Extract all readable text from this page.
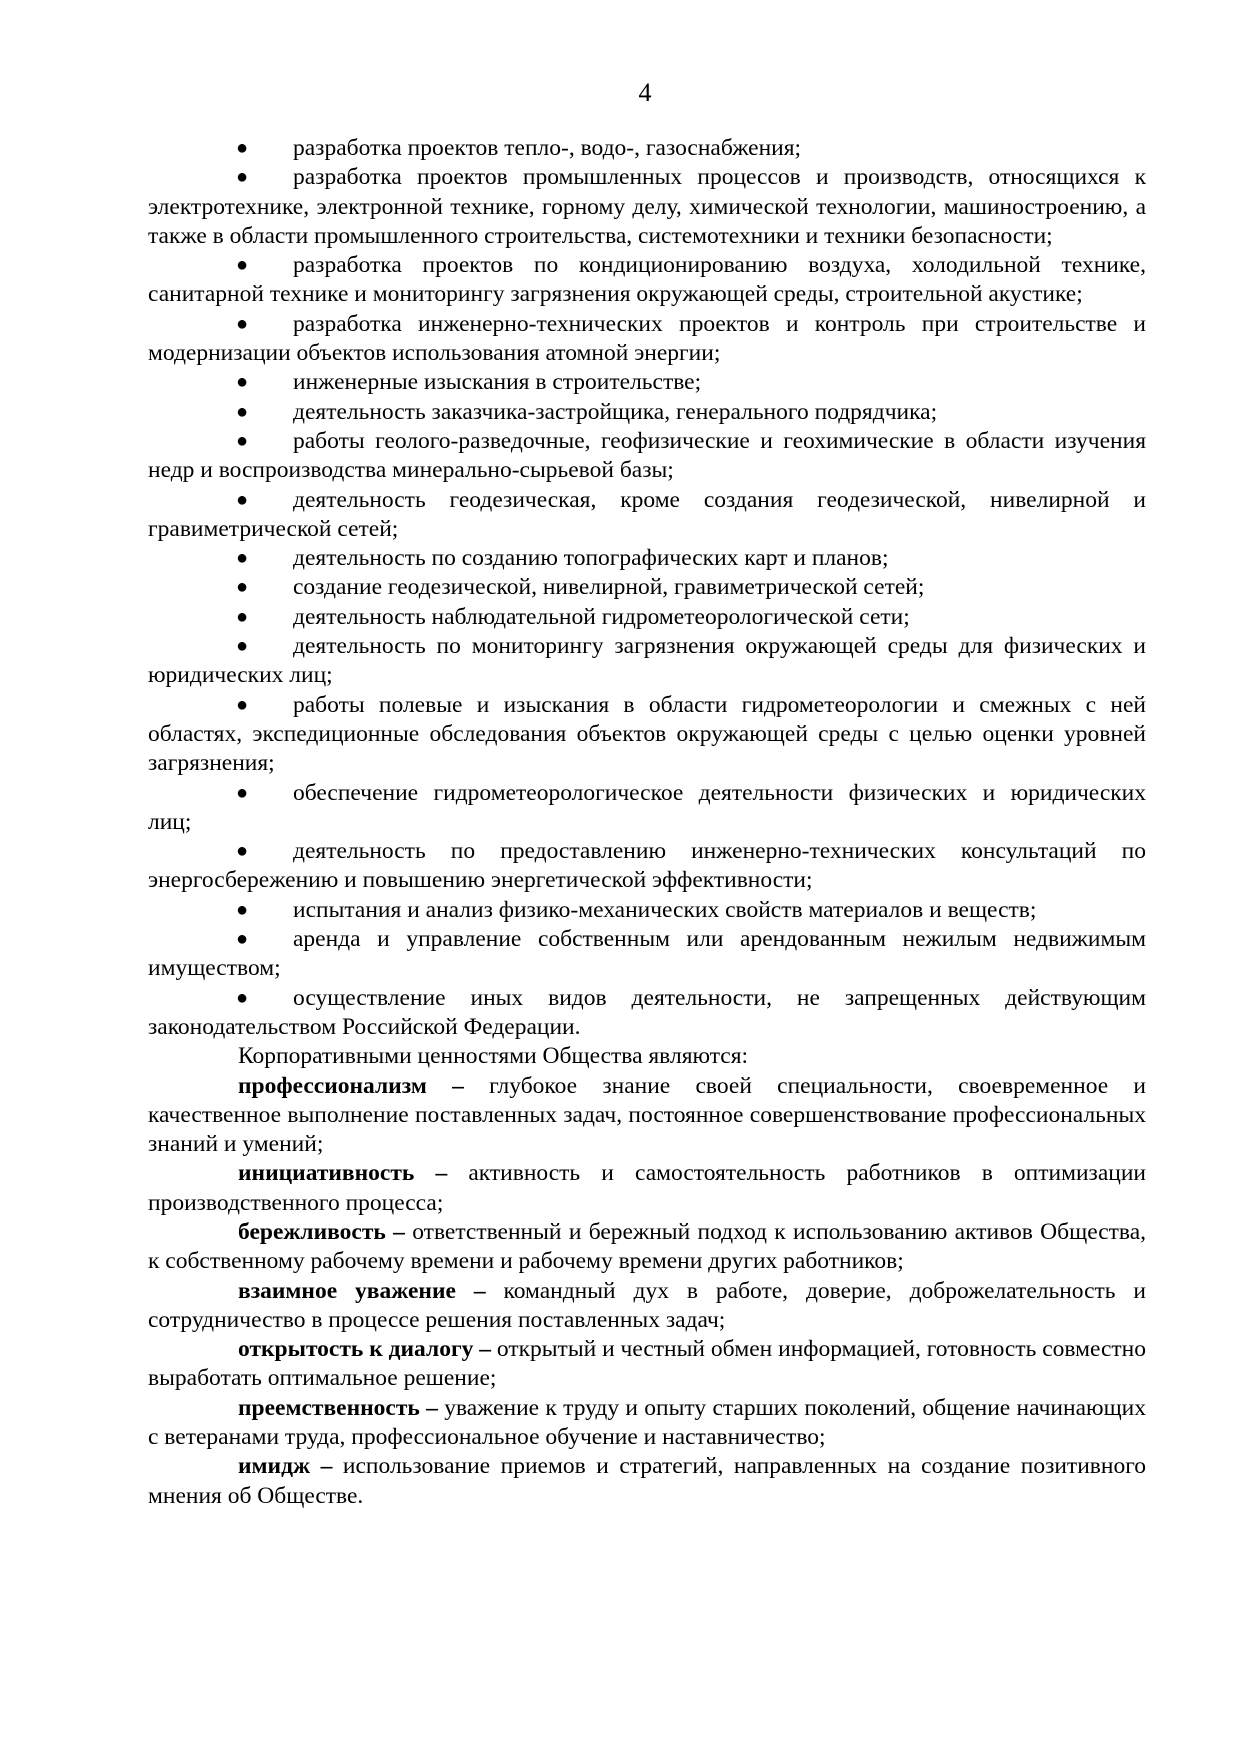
4

● разработка проектов тепло-, водо-, газоснабжения;

● разработка проектов промышленных процессов и производств, относящихся к электротехнике, электронной технике, горному делу, химической технологии, машиностроению, а также в области промышленного строительства, системотехники и техники безопасности;

● разработка проектов по кондиционированию воздуха, холодильной технике, санитарной технике и мониторингу загрязнения окружающей среды, строительной акустике;

● разработка инженерно-технических проектов и контроль при строительстве и модернизации объектов использования атомной энергии;

● инженерные изыскания в строительстве;

● деятельность заказчика-застройщика, генерального подрядчика;

● работы геолого-разведочные, геофизические и геохимические в области изучения недр и воспроизводства минерально-сырьевой базы;

● деятельность геодезическая, кроме создания геодезической, нивелирной и гравиметрической сетей;

● деятельность по созданию топографических карт и планов;

● создание геодезической, нивелирной, гравиметрической сетей;

● деятельность наблюдательной гидрометеорологической сети;

● деятельность по мониторингу загрязнения окружающей среды для физических и юридических лиц;

● работы полевые и изыскания в области гидрометеорологии и смежных с ней областях, экспедиционные обследования объектов окружающей среды с целью оценки уровней загрязнения;

● обеспечение гидрометеорологическое деятельности физических и юридических лиц;

● деятельность по предоставлению инженерно-технических консультаций по энергосбережению и повышению энергетической эффективности;

● испытания и анализ физико-механических свойств материалов и веществ;

● аренда и управление собственным или арендованным нежилым недвижимым имуществом;

● осуществление иных видов деятельности, не запрещенных действующим законодательством Российской Федерации.

Корпоративными ценностями Общества являются:

профессионализм – глубокое знание своей специальности, своевременное и качественное выполнение поставленных задач, постоянное совершенствование профессиональных знаний и умений;

инициативность – активность и самостоятельность работников в оптимизации производственного процесса;

бережливость – ответственный и бережный подход к использованию активов Общества, к собственному рабочему времени и рабочему времени других работников;

взаимное уважение – командный дух в работе, доверие, доброжелательность и сотрудничество в процессе решения поставленных задач;

открытость к диалогу – открытый и честный обмен информацией, готовность совместно выработать оптимальное решение;

преемственность – уважение к труду и опыту старших поколений, общение начинающих с ветеранами труда, профессиональное обучение и наставничество;

имидж – использование приемов и стратегий, направленных на создание позитивного мнения об Обществе.
